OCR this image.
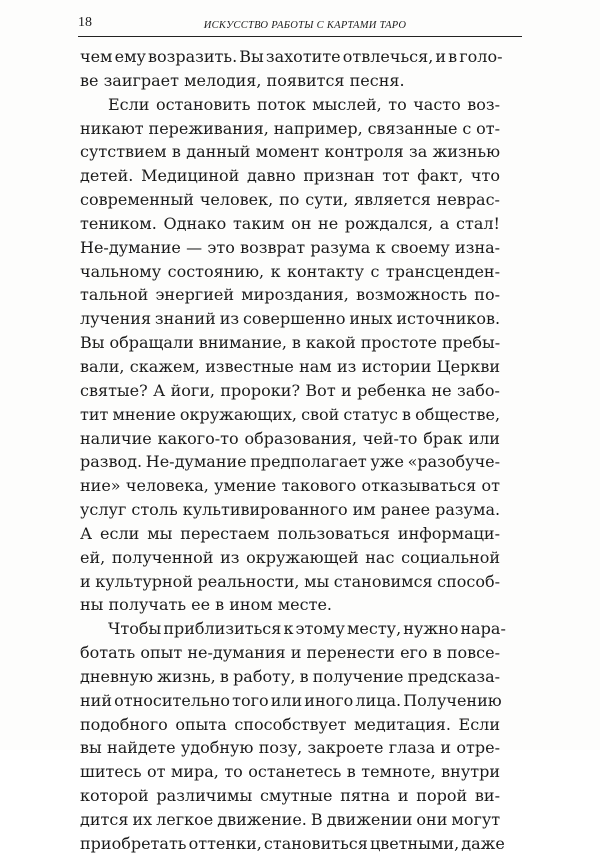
18	ИСКУССТВО РАБОТЫ С КАРТАМИ ТАРО
чем ему возразить. Вы захотите отвлечься, и в голо-
ве заиграет мелодия, появится песня.
Если остановить поток мыслей, то часто воз-
никают переживания, например, связанные с от-
сутствием в данный момент контроля за жизнью
детей. Медициной давно признан тот факт, что
современный человек, по сути, является неврас-
теником. Однако таким он не рождался, а стал!
Не-думание — это возврат разума к своему изна-
чальному состоянию, к контакту с трансценден-
тальной энергией мироздания, возможность по-
лучения знаний из совершенно иных источников.
Вы обращали внимание, в какой простоте пребы-
вали, скажем, известные нам из истории Церкви
святые? А йоги, пророки? Вот и ребенка не забо-
тит мнение окружающих, свой статус в обществе,
наличие какого-то образования, чей-то брак или
развод. Не-думание предполагает уже «разобуче-
ние» человека, умение такового отказываться от
услуг столь культивированного им ранее разума.
А если мы перестаем пользоваться информаци-
ей, полученной из окружающей нас социальной
и культурной реальности, мы становимся способ-
ны получать ее в ином месте.
Чтобы приблизиться к этому месту, нужно нара-
ботать опыт не-думания и перенести его в повсе-
дневную жизнь, в работу, в получение предсказа-
ний относительно того или иного лица. Получению
подобного опыта способствует медитация. Если
вы найдете удобную позу, закроете глаза и отре-
шитесь от мира, то останетесь в темноте, внутри
которой различимы смутные пятна и порой ви-
дится их легкое движение. В движении они могут
приобретать оттенки, становиться цветными, даже
